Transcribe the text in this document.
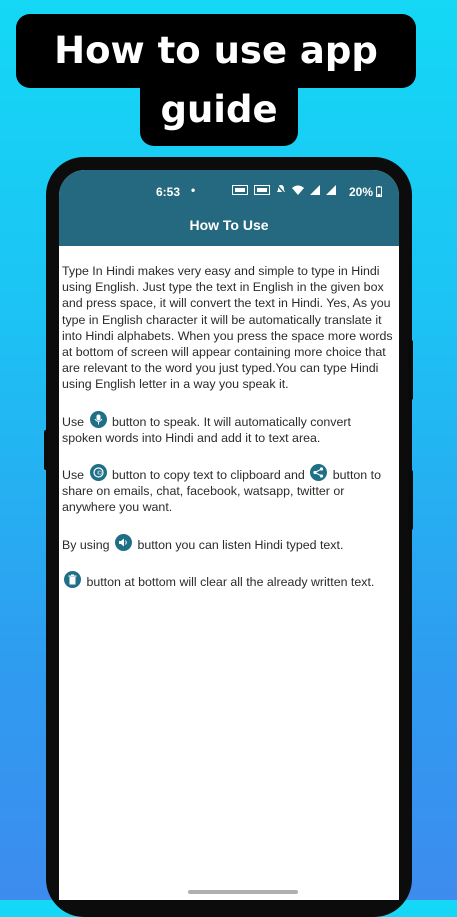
How to use app
guide
6:53 •	20%
How To Use

Type In Hindi makes very easy and simple to type in Hindi using English. Just type the text in English in the given box and press space, it will convert the text in Hindi. Yes, As you type in English character it will be automatically translate it into Hindi alphabets. When you press the space more words at bottom of screen will appear containing more choice that are relevant to the word you just typed.You can type Hindi using English letter in a way you speak it.

Use button to speak. It will automatically convert spoken words into Hindi and add it to text area.

Use © button to copy text to clipboard and button to share on emails, chat, facebook, watsapp, twitter or anywhere you want.

By using button you can listen Hindi typed text.

button at bottom will clear all the already written text.
